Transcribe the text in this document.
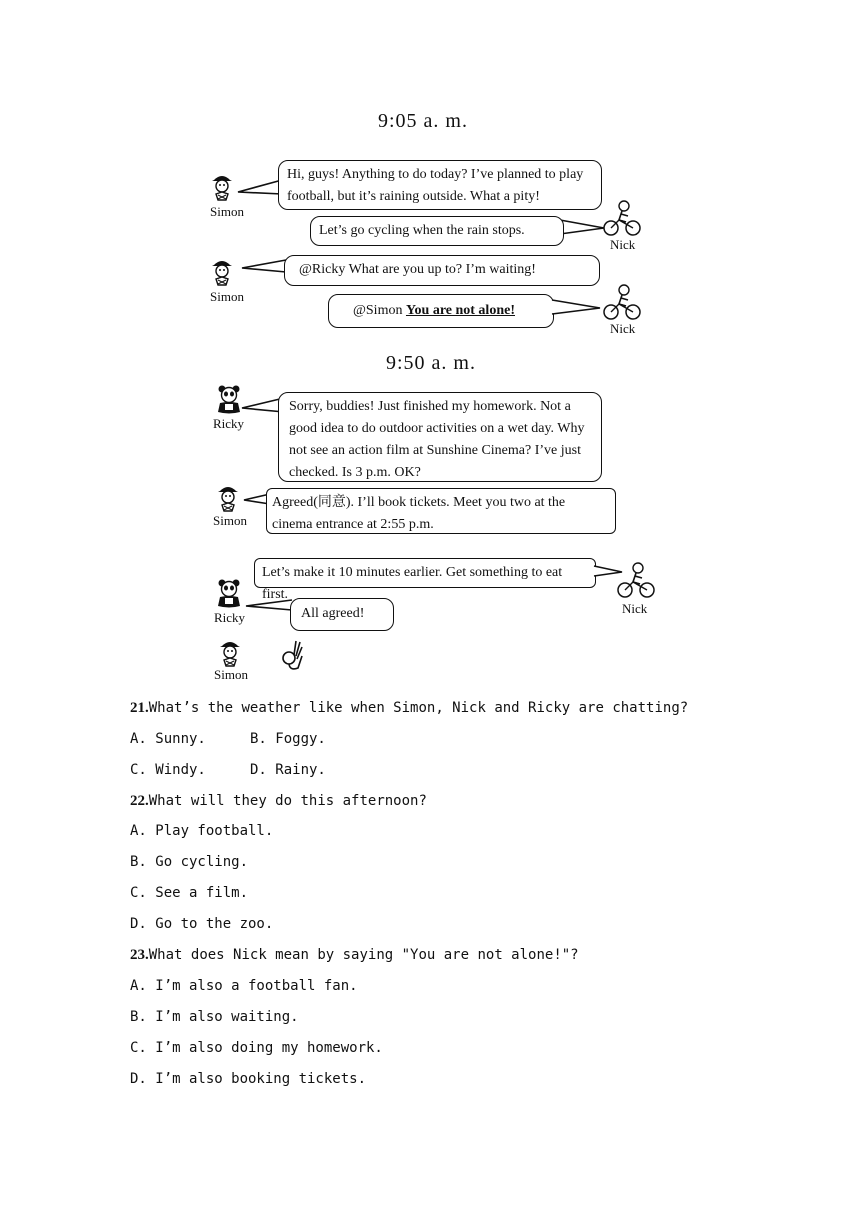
9:05 a. m.
9:50 a. m.
Simon
Hi, guys! Anything to do today? I’ve planned to play football, but it’s raining outside. What a pity!
Let’s go cycling when the rain stops.
Nick
Simon
@Ricky What are you up to? I’m waiting!
@Simon You are not alone!
Nick
Ricky
Sorry, buddies! Just finished my homework. Not a good idea to do outdoor activities on a wet day. Why not see an action film at Sunshine Cinema? I’ve just checked. Is 3 p.m. OK?
Simon
Agreed(同意). I’ll book tickets. Meet you two at the cinema entrance at 2:55 p.m.
Let’s make it 10 minutes earlier. Get something to eat first.
Nick
Ricky	All agreed!
Simon
21.What’s the weather like when Simon, Nick and Ricky are chatting?
A. Sunny.	B. Foggy.
C. Windy.	D. Rainy.
22.What will they do this afternoon?
A. Play football.
B. Go cycling.
C. See a film.
D. Go to the zoo.
23.What does Nick mean by saying "You are not alone!"?
A. I’m also a football fan.
B. I’m also waiting.
C. I’m also doing my homework.
D. I’m also booking tickets.
